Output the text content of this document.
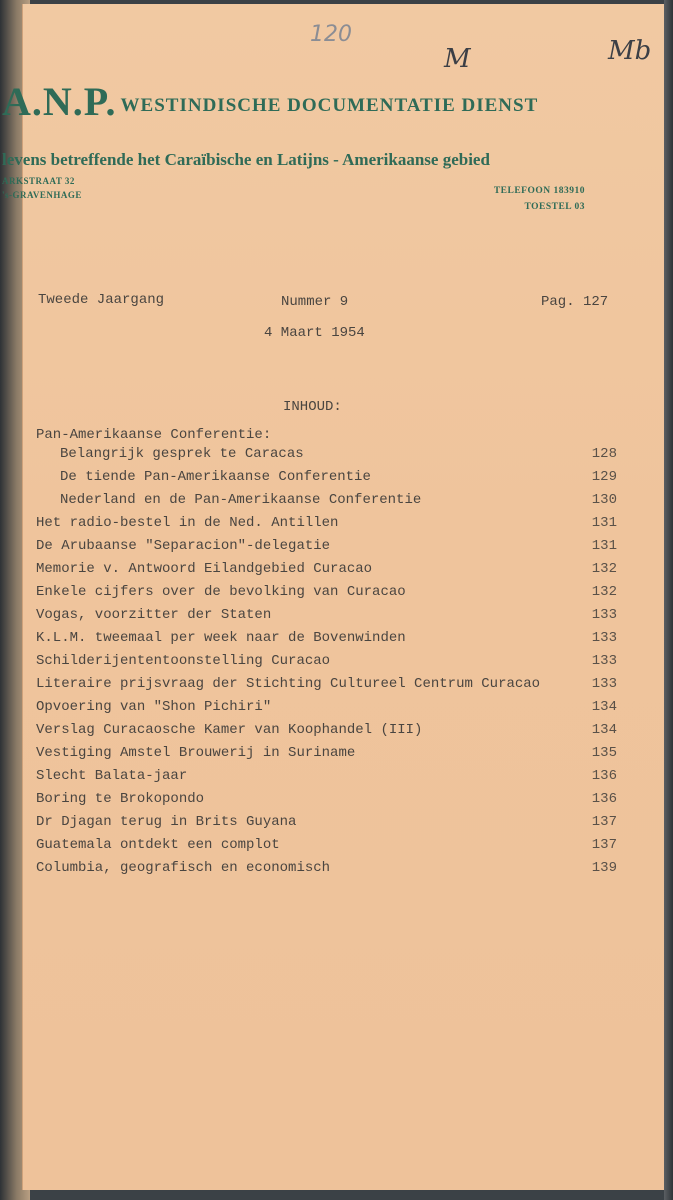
120
M	Mb
A.N.P. WESTINDISCHE DOCUMENTATIE DIENST
levens betreffende het Caraïbische en Latijns - Amerikaanse gebied
ARKSTRAAT 32
's-GRAVENHAGE	TELEFOON 183910
TOESTEL 03
Tweede Jaargang	Nummer 9	Pag. 127
4 Maart 1954
INHOUD:
Pan-Amerikaanse Conferentie:
Belangrijk gesprek te Caracas	128
De tiende Pan-Amerikaanse Conferentie	129
Nederland en de Pan-Amerikaanse Conferentie	130
Het radio-bestel in de Ned. Antillen	131
De Arubaanse "Separacion"-delegatie	131
Memorie v. Antwoord Eilandgebied Curacao	132
Enkele cijfers over de bevolking van Curacao	132
Vogas, voorzitter der Staten	133
K.L.M. tweemaal per week naar de Bovenwinden	133
Schilderijententoonstelling Curacao	133
Literaire prijsvraag der Stichting Cultureel Centrum Curacao	133
Opvoering van "Shon Pichiri"	134
Verslag Curacaosche Kamer van Koophandel (III)	134
Vestiging Amstel Brouwerij in Suriname	135
Slecht Balata-jaar	136
Boring te Brokopondo	136
Dr Djagan terug in Brits Guyana	137
Guatemala ontdekt een complot	137
Columbia, geografisch en economisch	139
